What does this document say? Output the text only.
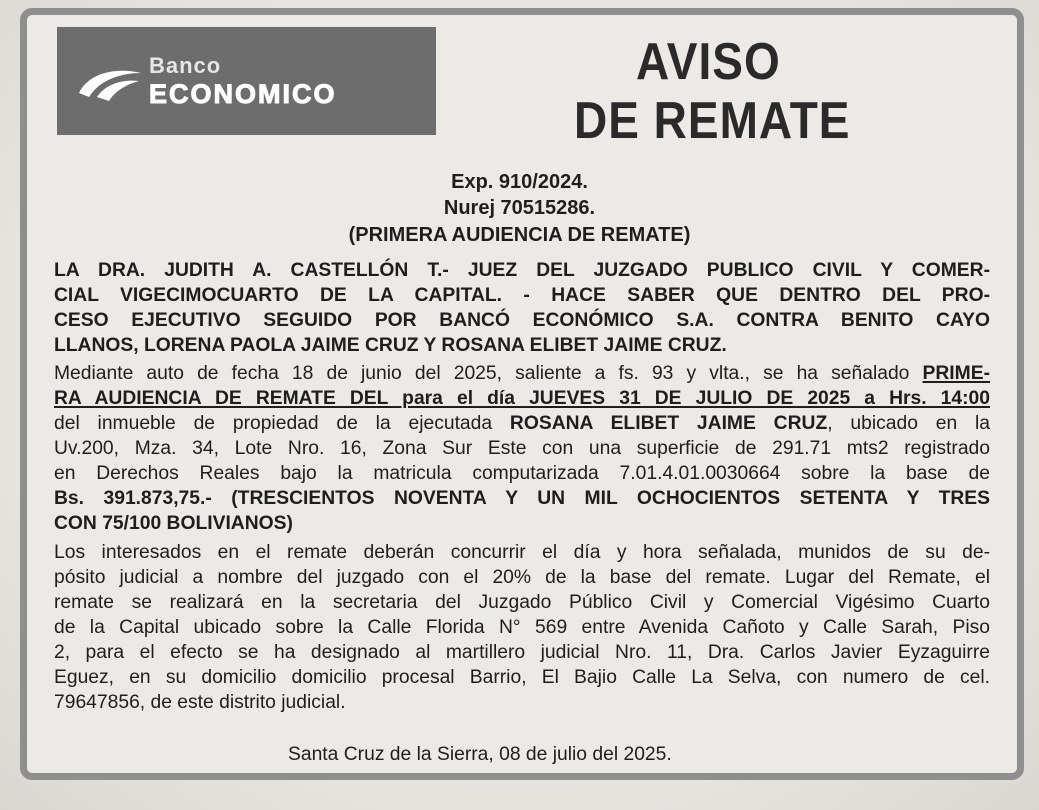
Banco
ECONOMICO
AVISO
DE REMATE
Exp. 910/2024.
Nurej 70515286.
(PRIMERA AUDIENCIA DE REMATE)
LA DRA. JUDITH A. CASTELLÓN T.- JUEZ DEL JUZGADO PUBLICO CIVIL Y COMER-
CIAL VIGECIMOCUARTO DE LA CAPITAL. - HACE SABER QUE DENTRO DEL PRO-
CESO EJECUTIVO SEGUIDO POR BANCÓ ECONÓMICO S.A. CONTRA BENITO CAYO
LLANOS, LORENA PAOLA JAIME CRUZ Y ROSANA ELIBET JAIME CRUZ.
Mediante auto de fecha 18 de junio del 2025, saliente a fs. 93 y vlta., se ha señalado PRIME-
RA AUDIENCIA DE REMATE DEL para el día JUEVES 31 DE JULIO DE 2025 a Hrs. 14:00
del inmueble de propiedad de la ejecutada ROSANA ELIBET JAIME CRUZ, ubicado en la
Uv.200, Mza. 34, Lote Nro. 16, Zona Sur Este con una superficie de 291.71 mts2 registrado
en Derechos Reales bajo la matricula computarizada 7.01.4.01.0030664 sobre la base de
Bs. 391.873,75.- (TRESCIENTOS NOVENTA Y UN MIL OCHOCIENTOS SETENTA Y TRES
CON 75/100 BOLIVIANOS)
Los interesados en el remate deberán concurrir el día y hora señalada, munidos de su de-
pósito judicial a nombre del juzgado con el 20% de la base del remate. Lugar del Remate, el
remate se realizará en la secretaria del Juzgado Público Civil y Comercial Vigésimo Cuarto
de la Capital ubicado sobre la Calle Florida N° 569 entre Avenida Cañoto y Calle Sarah, Piso
2, para el efecto se ha designado al martillero judicial Nro. 11, Dra. Carlos Javier Eyzaguirre
Eguez, en su domicilio domicilio procesal Barrio, El Bajio Calle La Selva, con numero de cel.
79647856, de este distrito judicial.
Santa Cruz de la Sierra, 08 de julio del 2025.
